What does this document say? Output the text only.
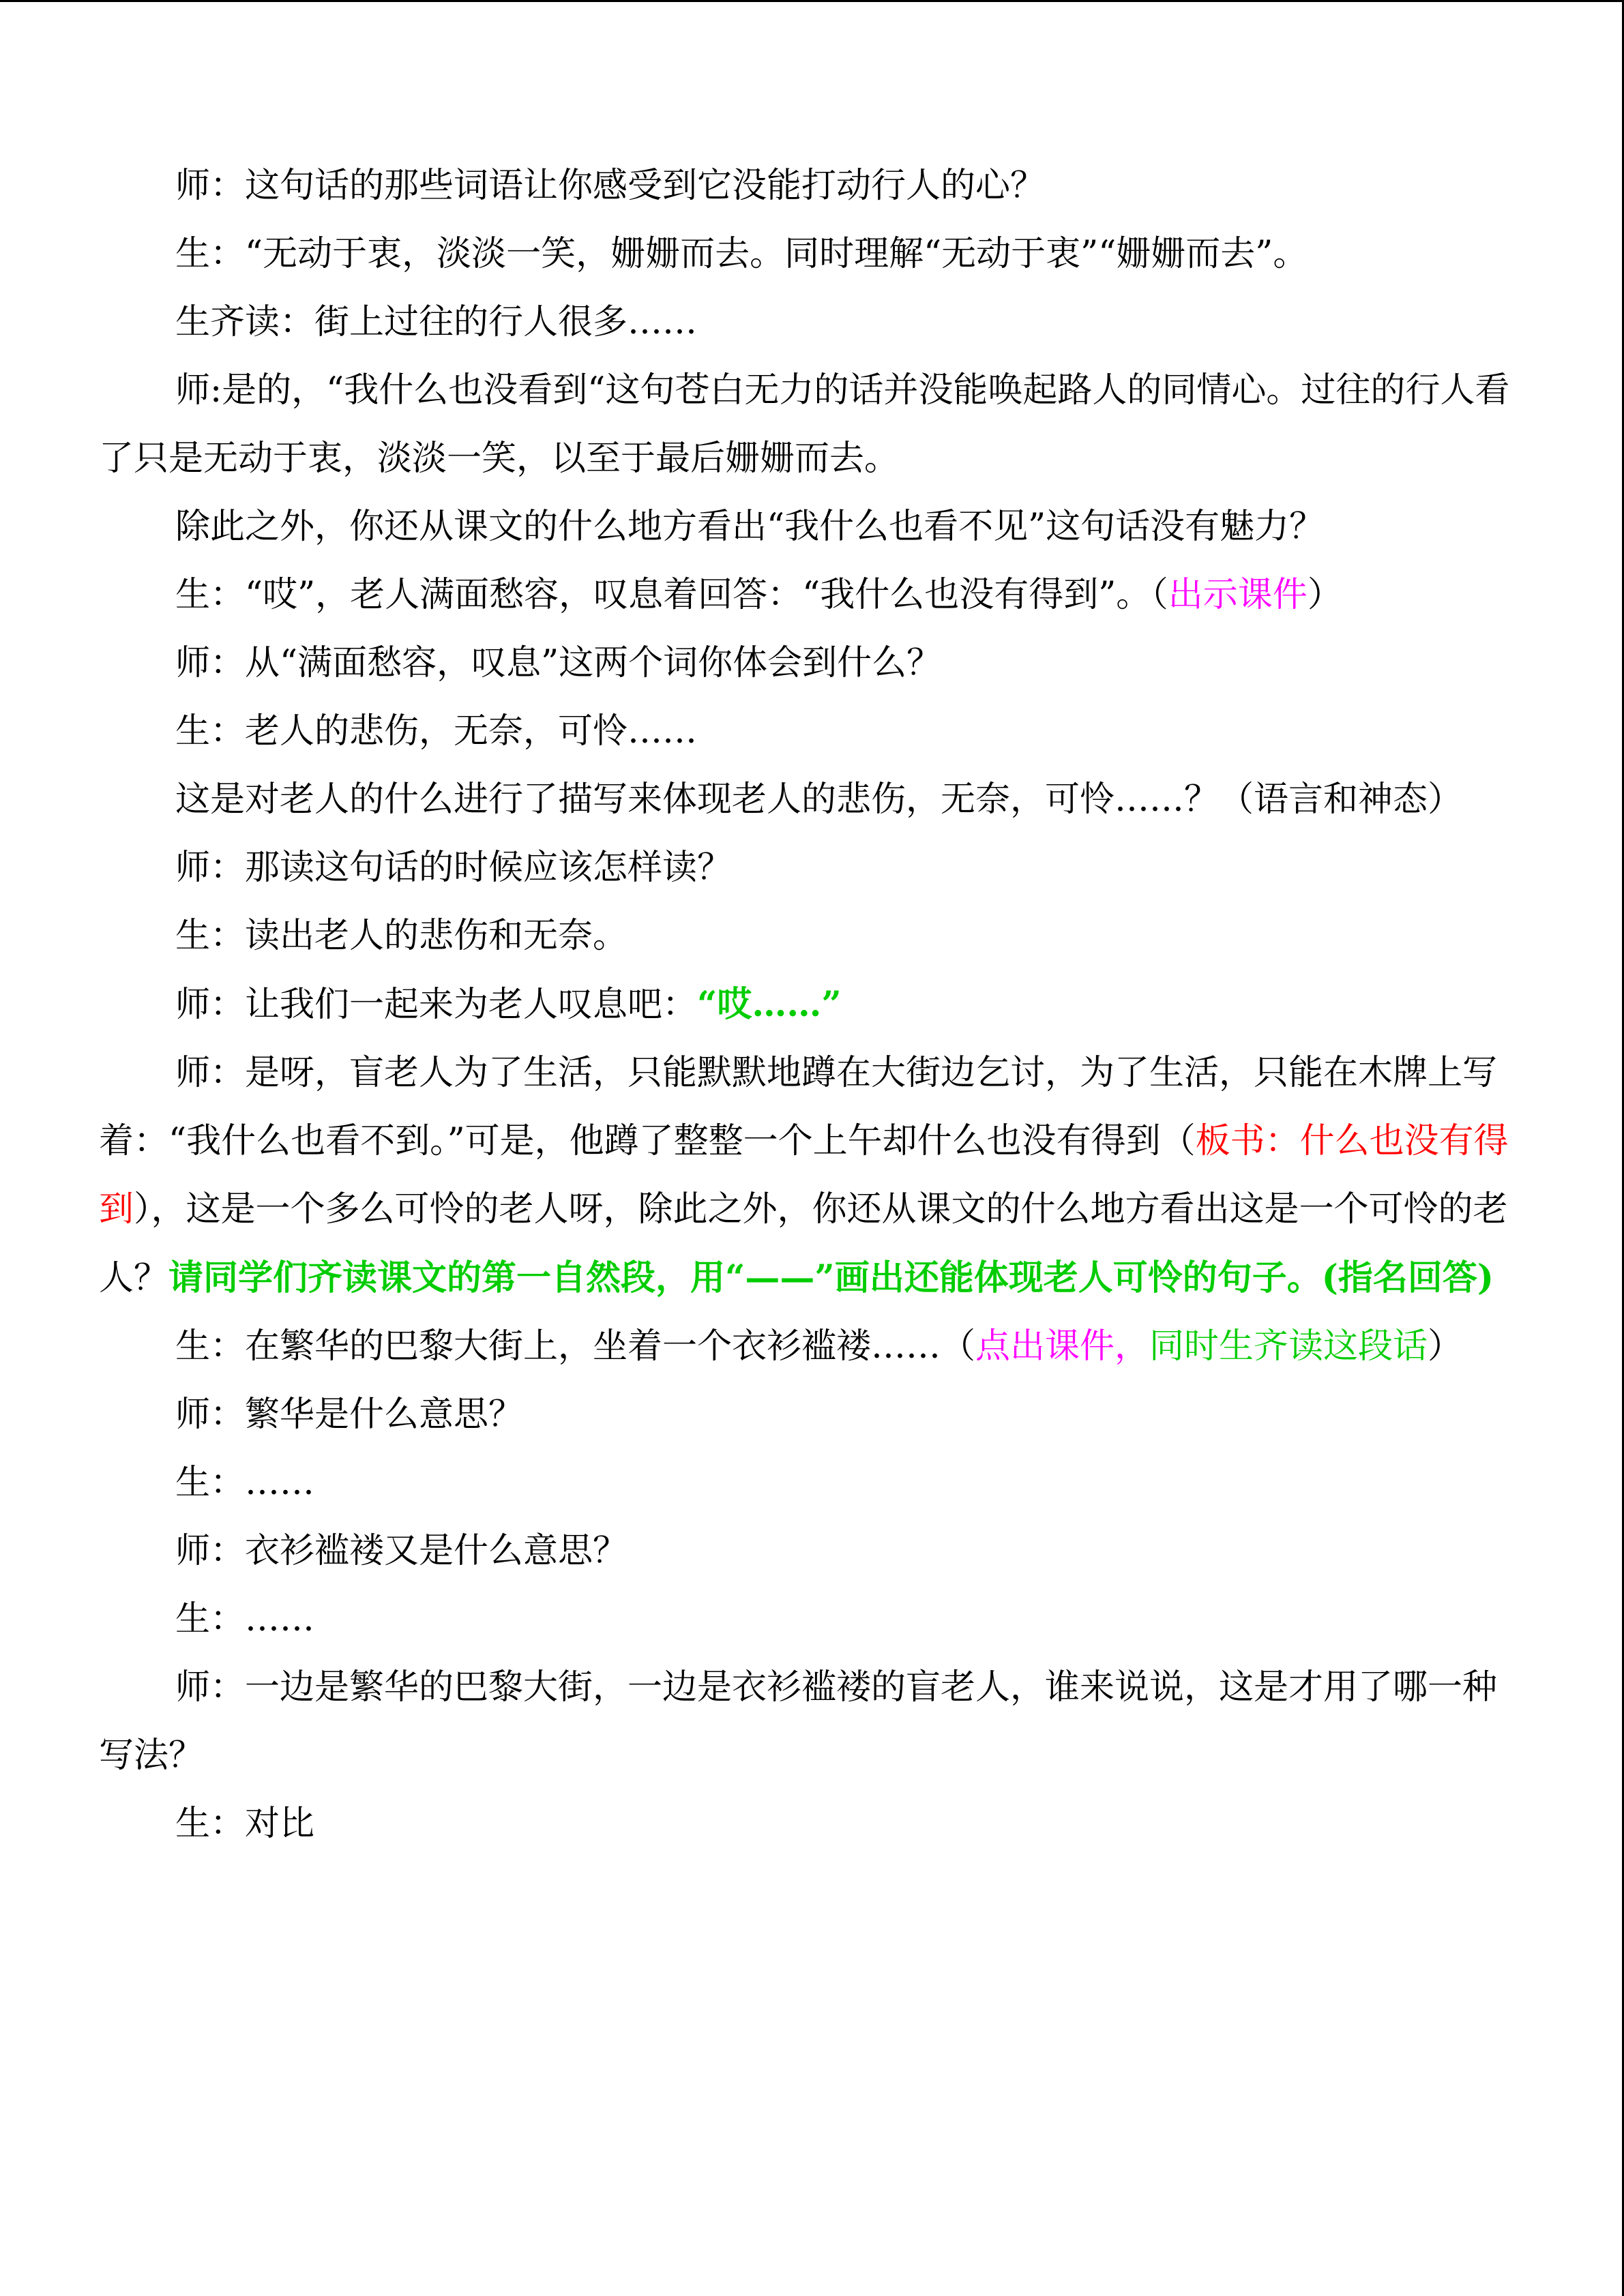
师：这句话的那些词语让你感受到它没能打动行人的心？

生：“无动于衷，淡淡一笑，姗姗而去。同时理解“无动于衷”“姗姗而去”。

生齐读：街上过往的行人很多……

师:是的，“我什么也没看到“这句苍白无力的话并没能唤起路人的同情心。过往的行人看了只是无动于衷，淡淡一笑，以至于最后姗姗而去。

除此之外，你还从课文的什么地方看出“我什么也看不见”这句话没有魅力？

生：“哎”，老人满面愁容，叹息着回答：“我什么也没有得到”。（出示课件）

师：从“满面愁容，叹息”这两个词你体会到什么？

生：老人的悲伤，无奈，可怜……

这是对老人的什么进行了描写来体现老人的悲伤，无奈，可怜……？（语言和神态）

师：那读这句话的时候应该怎样读？

生：读出老人的悲伤和无奈。

师：让我们一起来为老人叹息吧：“哎……”

师：是呀，盲老人为了生活，只能默默地蹲在大街边乞讨，为了生活，只能在木牌上写着：“我什么也看不到。”可是，他蹲了整整一个上午却什么也没有得到（板书：什么也没有得到），这是一个多么可怜的老人呀，除此之外，你还从课文的什么地方看出这是一个可怜的老人？请同学们齐读课文的第一自然段，用“——”画出还能体现老人可怜的句子。(指名回答)

生：在繁华的巴黎大街上，坐着一个衣衫褴褛……（点出课件，同时生齐读这段话）

师：繁华是什么意思？

生：……

师：衣衫褴褛又是什么意思？

生：……

师：一边是繁华的巴黎大街，一边是衣衫褴褛的盲老人，谁来说说，这是才用了哪一种写法？

生：对比
